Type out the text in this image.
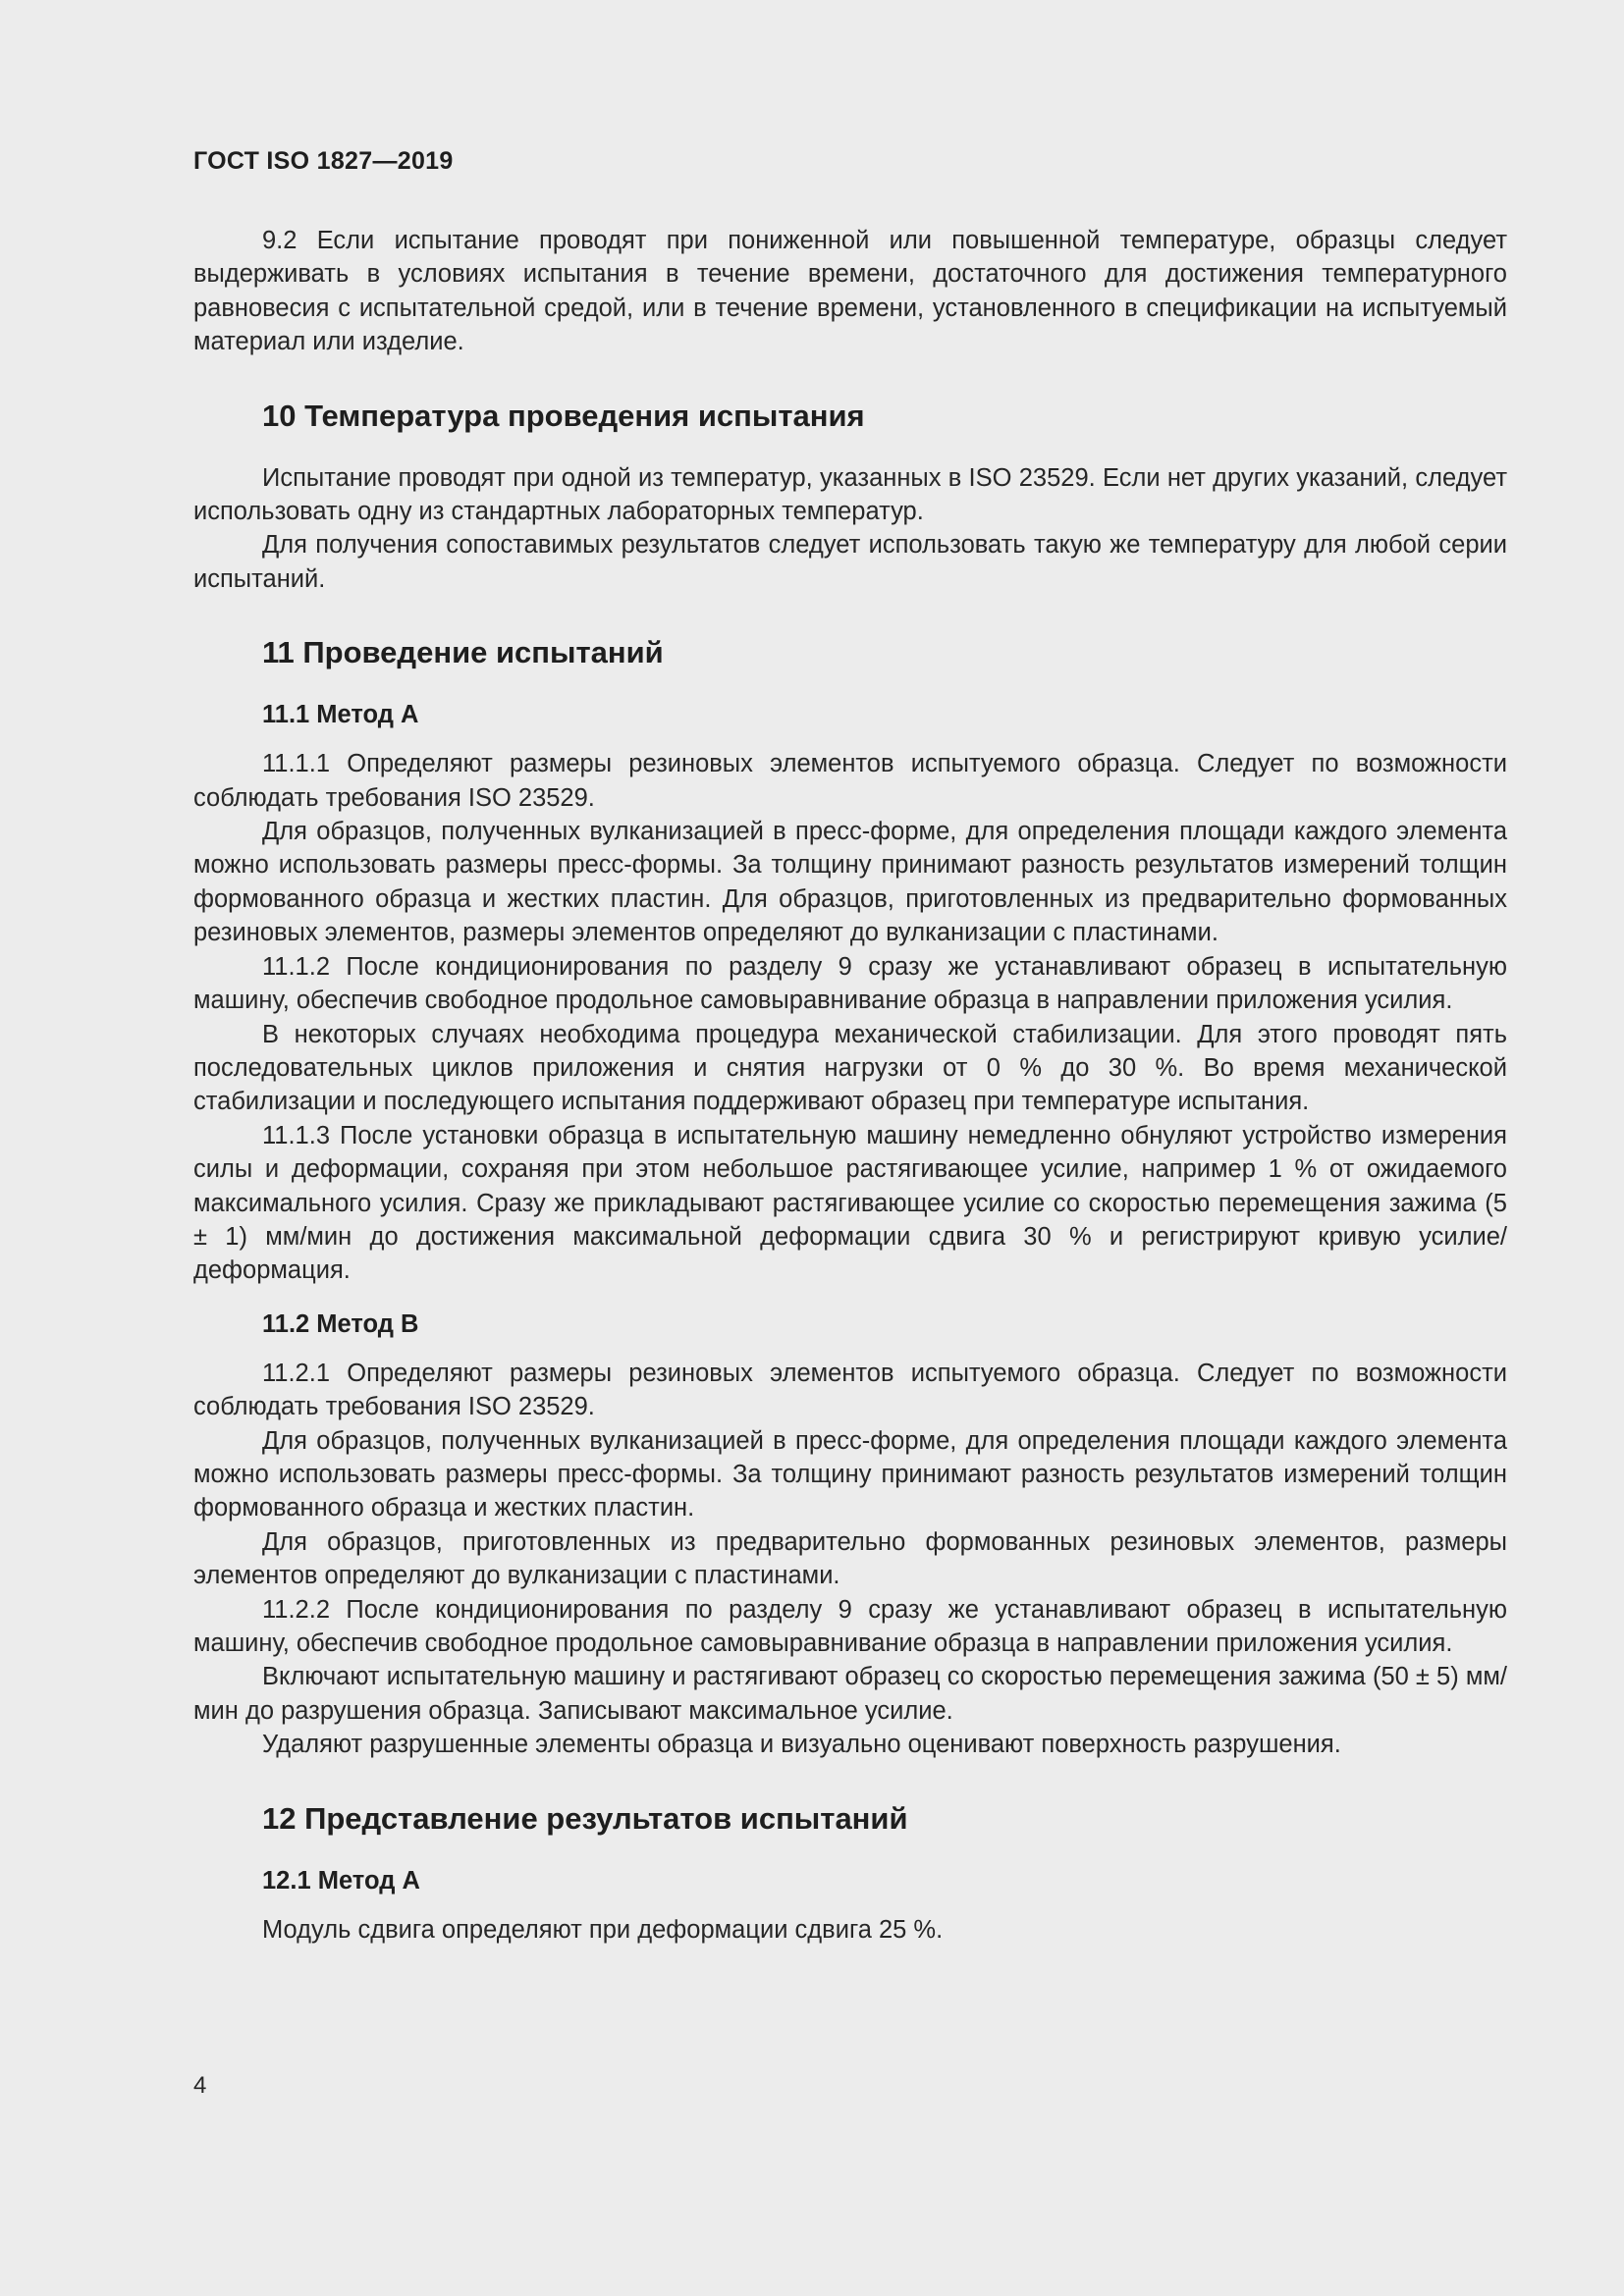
ГОСТ ISO 1827—2019

9.2 Если испытание проводят при пониженной или повышенной температуре, образцы следует выдерживать в условиях испытания в течение времени, достаточного для достижения температурного равновесия с испытательной средой, или в течение времени, установленного в спецификации на испытуемый материал или изделие.

10 Температура проведения испытания

Испытание проводят при одной из температур, указанных в ISO 23529. Если нет других указаний, следует использовать одну из стандартных лабораторных температур.

Для получения сопоставимых результатов следует использовать такую же температуру для любой серии испытаний.

11 Проведение испытаний
11.1 Метод А

11.1.1 Определяют размеры резиновых элементов испытуемого образца. Следует по возможности соблюдать требования ISO 23529.

Для образцов, полученных вулканизацией в пресс-форме, для определения площади каждого элемента можно использовать размеры пресс-формы. За толщину принимают разность результатов измерений толщин формованного образца и жестких пластин. Для образцов, приготовленных из предварительно формованных резиновых элементов, размеры элементов определяют до вулканизации с пластинами.

11.1.2 После кондиционирования по разделу 9 сразу же устанавливают образец в испытательную машину, обеспечив свободное продольное самовыравнивание образца в направлении приложения усилия.

В некоторых случаях необходима процедура механической стабилизации. Для этого проводят пять последовательных циклов приложения и снятия нагрузки от 0 % до 30 %. Во время механической стабилизации и последующего испытания поддерживают образец при температуре испытания.

11.1.3 После установки образца в испытательную машину немедленно обнуляют устройство измерения силы и деформации, сохраняя при этом небольшое растягивающее усилие, например 1 % от ожидаемого максимального усилия. Сразу же прикладывают растягивающее усилие со скоростью перемещения зажима (5 ± 1) мм/мин до достижения максимальной деформации сдвига 30 % и регистрируют кривую усилие/деформация.

11.2 Метод В

11.2.1 Определяют размеры резиновых элементов испытуемого образца. Следует по возможности соблюдать требования ISO 23529.

Для образцов, полученных вулканизацией в пресс-форме, для определения площади каждого элемента можно использовать размеры пресс-формы. За толщину принимают разность результатов измерений толщин формованного образца и жестких пластин.

Для образцов, приготовленных из предварительно формованных резиновых элементов, размеры элементов определяют до вулканизации с пластинами.

11.2.2 После кондиционирования по разделу 9 сразу же устанавливают образец в испытательную машину, обеспечив свободное продольное самовыравнивание образца в направлении приложения усилия.

Включают испытательную машину и растягивают образец со скоростью перемещения зажима (50 ± 5) мм/мин до разрушения образца. Записывают максимальное усилие.

Удаляют разрушенные элементы образца и визуально оценивают поверхность разрушения.

12 Представление результатов испытаний
12.1 Метод А

Модуль сдвига определяют при деформации сдвига 25 %.

4
